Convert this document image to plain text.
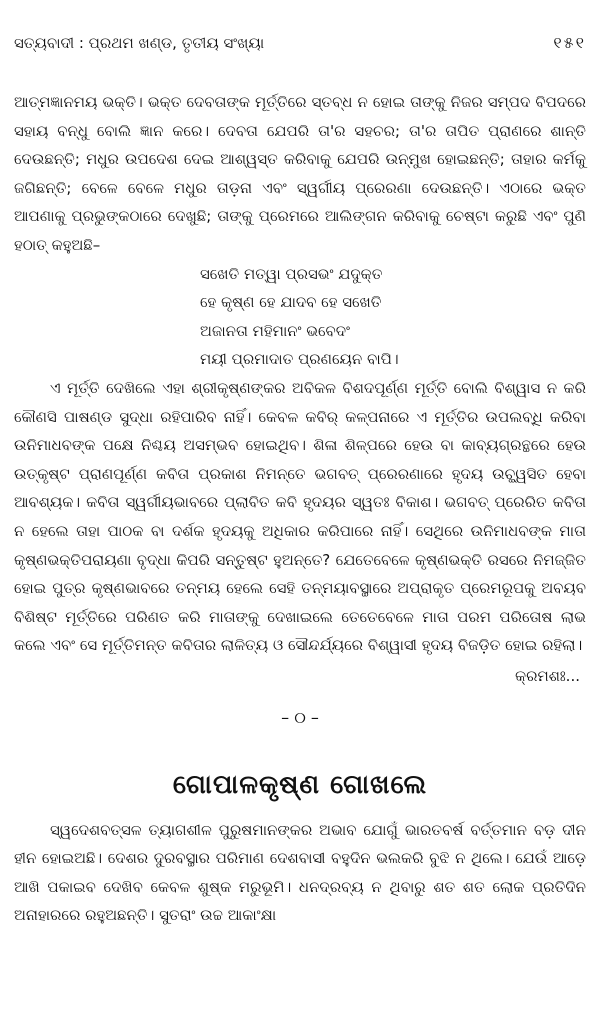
ସତ୍ୟବାଦୀ : ପ୍ରଥମ ଖଣ୍ଡ, ତୃତୀୟ ସଂଖ୍ୟା	୧୫୧

ଆତ୍ମଜ୍ଞାନମୟ ଭକ୍ତି। ଭକ୍ତ ଦେବତାଙ୍କ ମୂର୍ତ୍ତିରେ ସ୍ତବ୍ଧ ନ ହୋଇ ତାଙ୍କୁ ନିଜର ସମ୍ପଦ ବିପଦରେ ସହାୟ ବନ୍ଧୁ ବୋଲି ଜ୍ଞାନ କରେ। ଦେବତା ଯେପରି ତା'ର ସହଚର; ତା'ର ତାପିତ ପ୍ରାଣରେ ଶାନ୍ତି ଦେଉଛନ୍ତି; ମଧୁର ଉପଦେଶ ଦେଇ ଆଶ୍ୱସ୍ତ କରିବାକୁ ଯେପରି ଉନ୍ମୁଖ ହୋଇଛନ୍ତି; ତାହାର କର୍ମକୁ ଜଗିଛନ୍ତି; ବେଳେ ବେଳେ ମଧୁର ତାଡ଼ନା ଏବଂ ସ୍ୱର୍ଗୀୟ ପ୍ରେରଣା ଦେଉଛନ୍ତି। ଏଠାରେ ଭକ୍ତ ଆପଣାକୁ ପ୍ରଭୁଙ୍କଠାରେ ଦେଖୁଛି; ତାଙ୍କୁ ପ୍ରେମରେ ଆଲିଙ୍ଗନ କରିବାକୁ ଚେଷ୍ଟା କରୁଛି ଏବଂ ପୁଣି ହଠାତ୍ କହୁଅଛି–

ସଖେତି ମତ୍ୱା ପ୍ରସଭଂ ଯଦୁକ୍ତ
ହେ କୃଷ୍ଣ ହେ ଯାଦବ ହେ ସଖେତି
ଅଜାନତା ମହିମାନଂ ଭବେଦଂ
ମୟୀ ପ୍ରମାଦାତ ପ୍ରଣୟେନ ବାପି।

ଏ ମୂର୍ତ୍ତି ଦେଖିଲେ ଏହା ଶ୍ରୀକୃଷ୍ଣଙ୍କର ଅବିକଳ ବିଶଦପୂର୍ଣ୍ଣ ମୂର୍ତ୍ତି ବୋଲି ବିଶ୍ୱାସ ନ କରି କୌଣସି ପାଷଣ୍ଡ ସୁଦ୍ଧା ରହିପାରିବ ନାହିଁ। କେବଳ କବିର୍ କଳ୍ପନାରେ ଏ ମୂର୍ତ୍ତିର ଉପଲବ୍ଧି କରିବା ଉନିମାଧବଙ୍କ ପକ୍ଷେ ନିଶ୍ଚୟ ଅସମ୍ଭବ ହୋଇଥିବ। ଶିଳା ଶିଳ୍ପରେ ହେଉ ବା କାବ୍ୟଗ୍ରନ୍ଥରେ ହେଉ ଉତ୍କୃଷ୍ଟ ପ୍ରାଣପୂର୍ଣ୍ଣ କବିତା ପ୍ରକାଶ ନିମନ୍ତେ ଭଗବତ୍ ପ୍ରେରଣାରେ ହୃଦୟ ଉଚ୍ଛ୍ୱସିତ ହେବା ଆବଶ୍ୟକ। କବିତା ସ୍ୱର୍ଗୀୟଭାବରେ ପ୍ଲାବିତ କବି ହୃଦୟର ସ୍ୱତଃ ବିକାଶ। ଭଗବତ୍ ପ୍ରେରିତ କବିତା ନ ହେଲେ ତାହା ପାଠକ ବା ଦର୍ଶକ ହୃଦୟକୁ ଅଧିକାର କରିପାରେ ନାହିଁ। ସେଥିରେ ଉନିମାଧବଙ୍କ ମାତା କୃଷ୍ଣଭକ୍ତିପରାୟଣା ବୃଦ୍ଧା କିପରି ସନ୍ତୁଷ୍ଟ ହୁଅନ୍ତେ? ଯେତେବେଳେ କୃଷ୍ଣଭକ୍ତି ରସରେ ନିମଜ୍ଜିତ ହୋଇ ପୁତ୍ର କୃଷ୍ଣଭାବରେ ତନ୍ମୟ ହେଲେ ସେହି ତନ୍ମୟାବସ୍ଥାରେ ଅପ୍ରାକୃତ ପ୍ରେମରୂପକୁ ଅବୟବ ବିଶିଷ୍ଟ ମୂର୍ତ୍ତିରେ ପରିଣତ କରି ମାତାଙ୍କୁ ଦେଖାଇଲେ ତେତେବେଳେ ମାତା ପରମ ପରିତୋଷ ଲାଭ କଲେ ଏବଂ ସେ ମୂର୍ତ୍ତିମନ୍ତ କବିତାର ଲାଳିତ୍ୟ ଓ ସୌନ୍ଦର୍ଯ୍ୟରେ ବିଶ୍ୱାସୀ ହୃଦୟ ବିଜଡ଼ିତ ହୋଇ ରହିଲା।

କ୍ରମଶଃ...
– ୦ –
ଗୋପାଳକୃଷ୍ଣ ଗୋଖଲେ

ସ୍ୱଦେଶବତ୍ସଳ ତ୍ୟାଗଶୀଳ ପୁରୁଷମାନଙ୍କର ଅଭାବ ଯୋଗୁଁ ଭାରତବର୍ଷ ବର୍ତ୍ତମାନ ବଡ଼ ଦୀନ ହୀନ ହୋଇଅଛି। ଦେଶର ଦୁରବସ୍ଥାର ପରିମାଣ ଦେଶବାସୀ ବହୁଦିନ ଭଲକରି ବୁଝି ନ ଥିଲେ। ଯେଉଁ ଆଡ଼େ ଆଖି ପକାଇବ ଦେଖିବ କେବଳ ଶୁଷ୍କ ମରୁଭୂମି। ଧନଦ୍ରବ୍ୟ ନ ଥିବାରୁ ଶତ ଶତ ଲୋକ ପ୍ରତିଦିନ ଅନାହାରରେ ରହୁଅଛନ୍ତି। ସୁତରାଂ ଉଚ୍ଚ ଆକାଂକ୍ଷା
